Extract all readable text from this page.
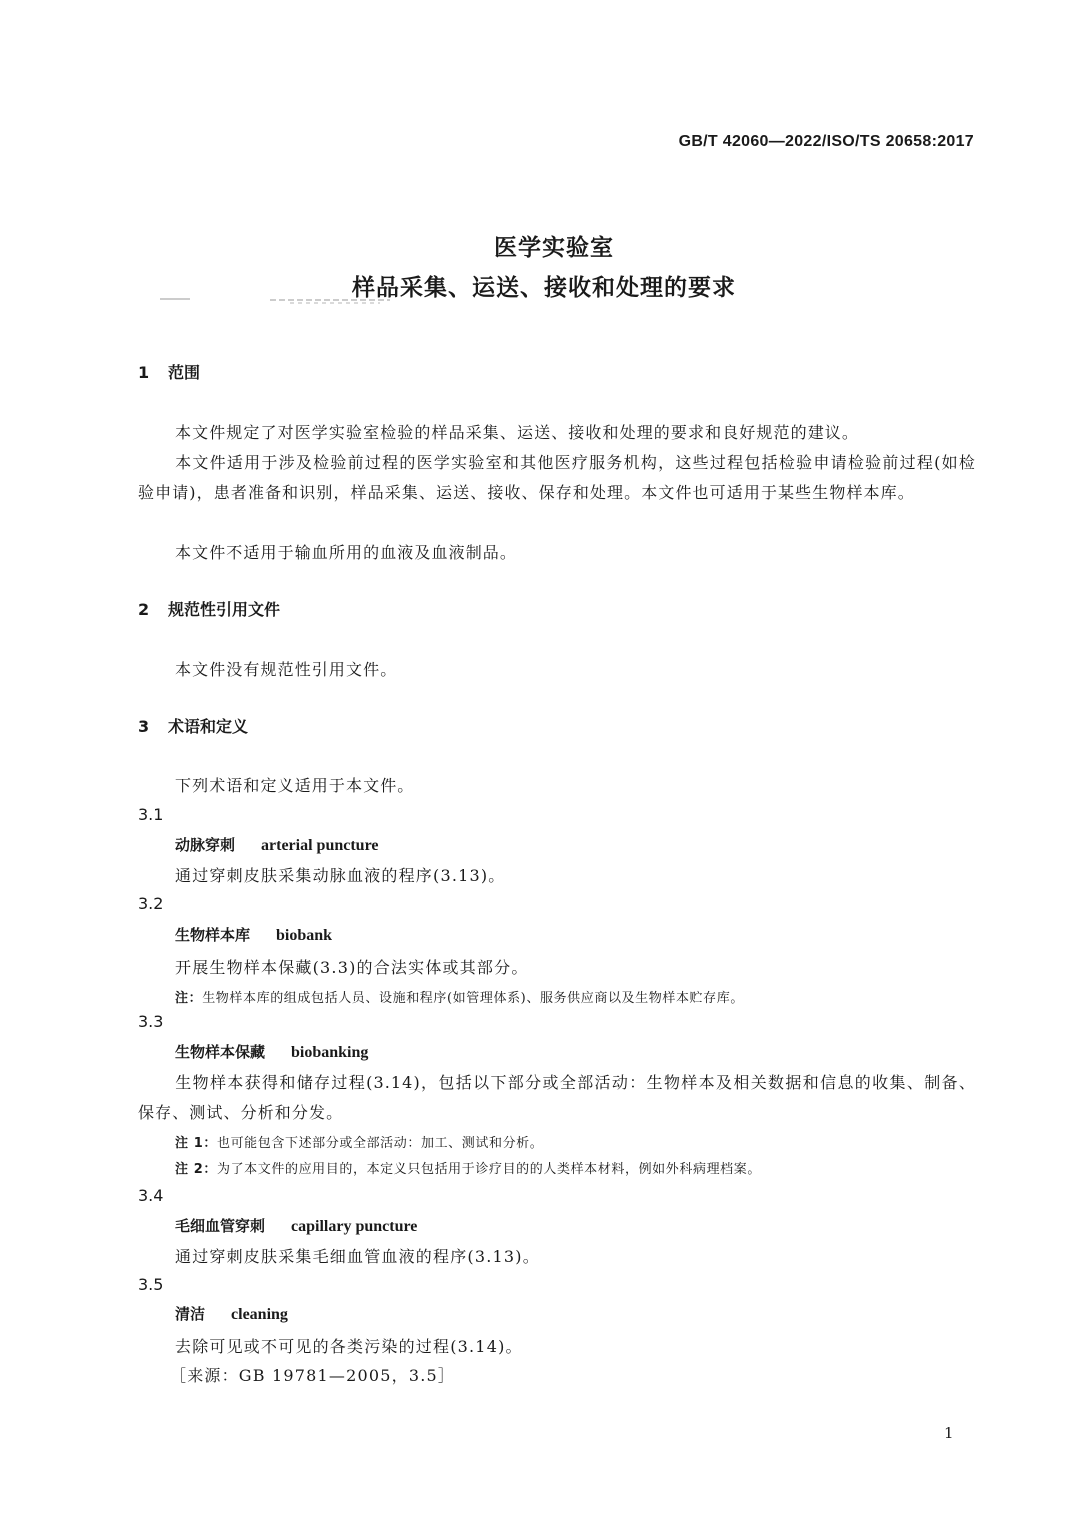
GB/T 42060—2022/ISO/TS 20658:2017
医学实验室
样品采集、运送、接收和处理的要求
1 范围
本文件规定了对医学实验室检验的样品采集、运送、接收和处理的要求和良好规范的建议。
本文件适用于涉及检验前过程的医学实验室和其他医疗服务机构，这些过程包括检验申请检验前过程(如检验申请)，患者准备和识别，样品采集、运送、接收、保存和处理。本文件也可适用于某些生物样本库。
本文件不适用于输血所用的血液及血液制品。
2 规范性引用文件
本文件没有规范性引用文件。
3 术语和定义
下列术语和定义适用于本文件。
3.1
动脉穿刺 arterial puncture
通过穿刺皮肤采集动脉血液的程序(3.13)。
3.2
生物样本库 biobank
开展生物样本保藏(3.3)的合法实体或其部分。
注：生物样本库的组成包括人员、设施和程序(如管理体系)、服务供应商以及生物样本贮存库。
3.3
生物样本保藏 biobanking
生物样本获得和储存过程(3.14)，包括以下部分或全部活动：生物样本及相关数据和信息的收集、制备、保存、测试、分析和分发。
注 1：也可能包含下述部分或全部活动：加工、测试和分析。
注 2：为了本文件的应用目的，本定义只包括用于诊疗目的的人类样本材料，例如外科病理档案。
3.4
毛细血管穿刺 capillary puncture
通过穿刺皮肤采集毛细血管血液的程序(3.13)。
3.5
清洁 cleaning
去除可见或不可见的各类污染的过程(3.14)。
［来源：GB 19781—2005，3.5］
1
